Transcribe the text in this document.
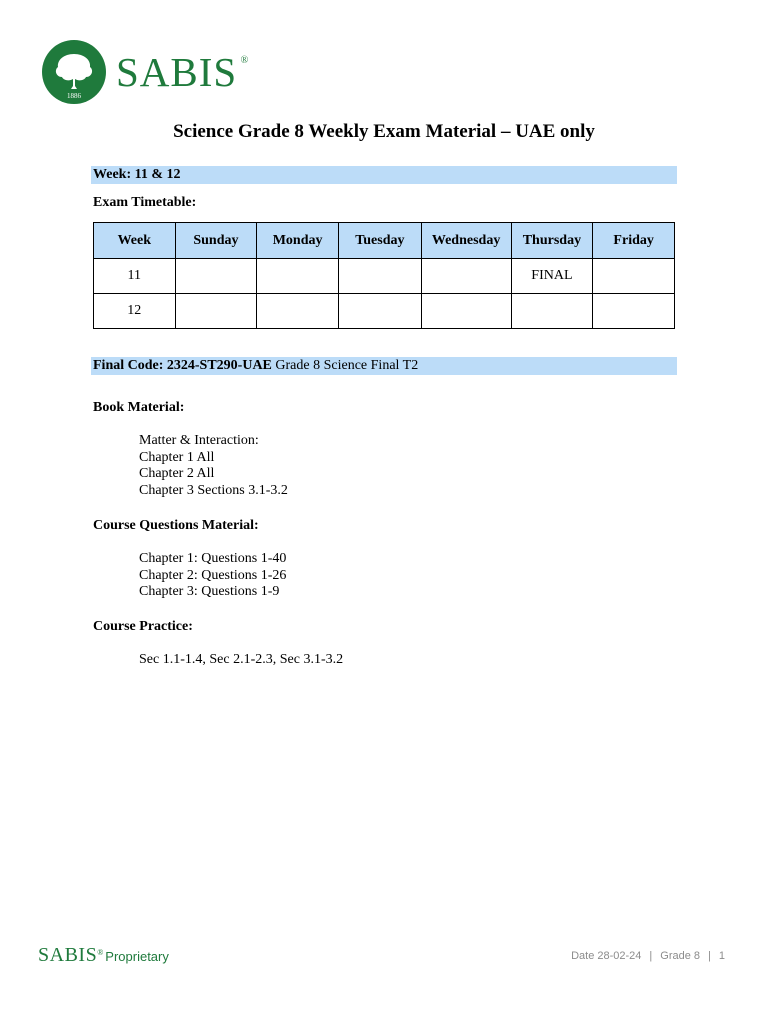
1886
SABIS ®
Science Grade 8 Weekly Exam Material – UAE only
Week: 11 & 12
Exam Timetable:
Week	Sunday	Monday	Tuesday	Wednesday	Thursday	Friday
11					FINAL	
12						
Final Code: 2324-ST290-UAE Grade 8 Science Final T2
Book Material:
Matter & Interaction:
Chapter 1 All
Chapter 2 All
Chapter 3 Sections 3.1-3.2
Course Questions Material:
Chapter 1: Questions 1-40
Chapter 2: Questions 1-26
Chapter 3: Questions 1-9
Course Practice:
Sec 1.1-1.4, Sec 2.1-2.3, Sec 3.1-3.2
SABIS ® Proprietary	Date 28-02-24 | Grade 8 | 1
